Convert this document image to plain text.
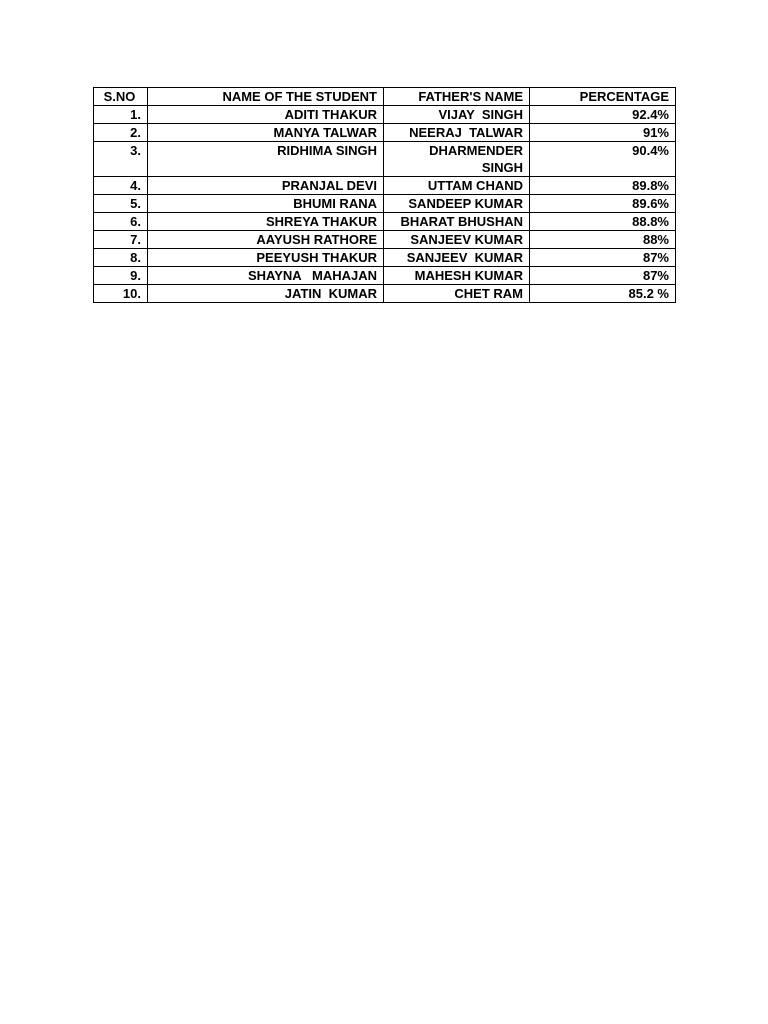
S.NO	NAME OF THE STUDENT	FATHER'S NAME	PERCENTAGE
1.	ADITI THAKUR	VIJAY  SINGH	92.4%
2.	MANYA TALWAR	NEERAJ  TALWAR	91%
3.	RIDHIMA SINGH	DHARMENDER SINGH	90.4%
4.	PRANJAL DEVI	UTTAM CHAND	89.8%
5.	BHUMI RANA	SANDEEP KUMAR	89.6%
6.	SHREYA THAKUR	BHARAT BHUSHAN	88.8%
7.	AAYUSH RATHORE	SANJEEV KUMAR	88%
8.	PEEYUSH THAKUR	SANJEEV  KUMAR	87%
9.	SHAYNA   MAHAJAN	MAHESH KUMAR	87%
10.	JATIN  KUMAR	CHET RAM	85.2 %
